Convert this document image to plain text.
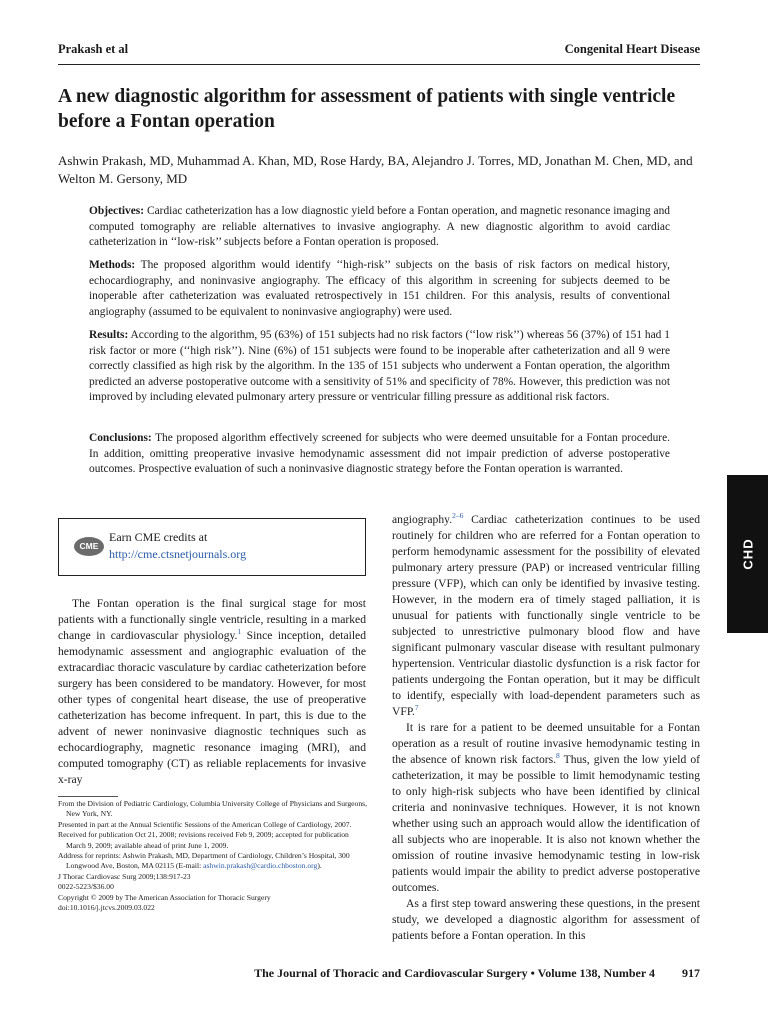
Prakash et al	Congenital Heart Disease
A new diagnostic algorithm for assessment of patients with single ventricle before a Fontan operation
Ashwin Prakash, MD, Muhammad A. Khan, MD, Rose Hardy, BA, Alejandro J. Torres, MD, Jonathan M. Chen, MD, and Welton M. Gersony, MD
Objectives: Cardiac catheterization has a low diagnostic yield before a Fontan operation, and magnetic resonance imaging and computed tomography are reliable alternatives to invasive angiography. A new diagnostic algorithm to avoid cardiac catheterization in ‘‘low-risk’’ subjects before a Fontan operation is proposed.
Methods: The proposed algorithm would identify ‘‘high-risk’’ subjects on the basis of risk factors on medical history, echocardiography, and noninvasive angiography. The efficacy of this algorithm in screening for subjects deemed to be inoperable after catheterization was evaluated retrospectively in 151 children. For this analysis, results of conventional angiography (assumed to be equivalent to noninvasive angiography) were used.
Results: According to the algorithm, 95 (63%) of 151 subjects had no risk factors (‘‘low risk’’) whereas 56 (37%) of 151 had 1 risk factor or more (‘‘high risk’’). Nine (6%) of 151 subjects were found to be inoperable after catheterization and all 9 were correctly classified as high risk by the algorithm. In the 135 of 151 subjects who underwent a Fontan operation, the algorithm predicted an adverse postoperative outcome with a sensitivity of 51% and specificity of 78%. However, this prediction was not improved by including elevated pulmonary artery pressure or ventricular filling pressure as additional risk factors.
Conclusions: The proposed algorithm effectively screened for subjects who were deemed unsuitable for a Fontan procedure. In addition, omitting preoperative invasive hemodynamic assessment did not impair prediction of adverse postoperative outcomes. Prospective evaluation of such a noninvasive diagnostic strategy before the Fontan operation is warranted.
CME
Earn CME credits at
http://cme.ctsnetjournals.org

The Fontan operation is the final surgical stage for most patients with a functionally single ventricle, resulting in a marked change in cardiovascular physiology.$^1$ Since inception, detailed hemodynamic assessment and angiographic evaluation of the extracardiac thoracic vasculature by cardiac catheterization before surgery has been considered to be mandatory. However, for most other types of congenital heart disease, the use of preoperative catheterization has become infrequent. In part, this is due to the advent of newer noninvasive diagnostic techniques such as echocardiography, magnetic resonance imaging (MRI), and computed tomography (CT) as reliable replacements for invasive x-ray

From the Division of Pediatric Cardiology, Columbia University College of Physicians and Surgeons, New York, NY.

Presented in part at the Annual Scientific Sessions of the American College of Cardiology, 2007.

Received for publication Oct 21, 2008; revisions received Feb 9, 2009; accepted for publication March 9, 2009; available ahead of print June 1, 2009.

Address for reprints: Ashwin Prakash, MD, Department of Cardiology, Children’s Hospital, 300 Longwood Ave, Boston, MA 02115 (E-mail: ashwin.prakash@cardio.chboston.org).

J Thorac Cardiovasc Surg 2009;138:917-23

0022-5223/$36.00

Copyright © 2009 by The American Association for Thoracic Surgery

doi:10.1016/j.jtcvs.2009.03.022

angiography.$^{2-6}$ Cardiac catheterization continues to be used routinely for children who are referred for a Fontan operation to perform hemodynamic assessment for the possibility of elevated pulmonary artery pressure (PAP) or increased ventricular filling pressure (VFP), which can only be identified by invasive testing. However, in the modern era of timely staged palliation, it is unusual for patients with functionally single ventricle to be subjected to unrestrictive pulmonary blood flow and have significant pulmonary vascular disease with resultant pulmonary hypertension. Ventricular diastolic dysfunction is a risk factor for patients undergoing the Fontan operation, but it may be difficult to identify, especially with load-dependent parameters such as VFP.$^7$

It is rare for a patient to be deemed unsuitable for a Fontan operation as a result of routine invasive hemodynamic testing in the absence of known risk factors.$^8$ Thus, given the low yield of catheterization, it may be possible to limit hemodynamic testing to only high-risk subjects who have been identified by clinical criteria and noninvasive techniques. However, it is not known whether using such an approach would allow the identification of all subjects who are inoperable. It is also not known whether the omission of routine invasive hemodynamic testing in low-risk patients would impair the ability to predict adverse postoperative outcomes.

As a first step toward answering these questions, in the present study, we developed a diagnostic algorithm for assessment of patients before a Fontan operation. In this

The Journal of Thoracic and Cardiovascular Surgery • Volume 138, Number 4 917
CHD
